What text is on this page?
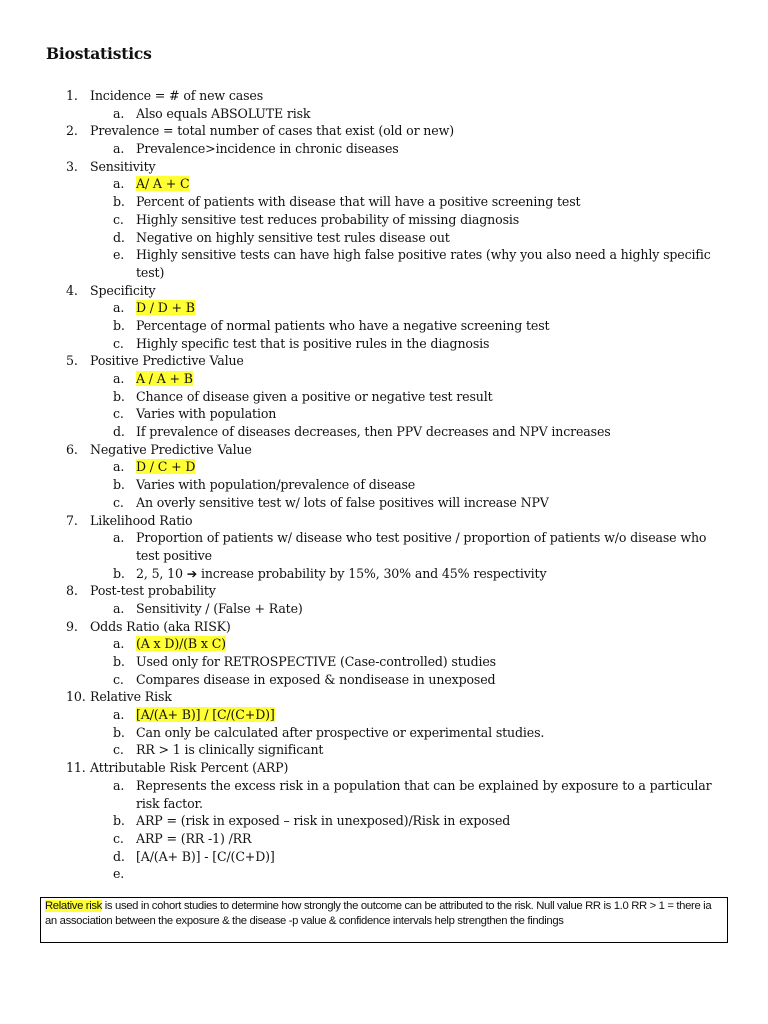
Biostatistics
1. Incidence = # of new cases
a. Also equals ABSOLUTE risk
2. Prevalence = total number of cases that exist (old or new)
a. Prevalence>incidence in chronic diseases
3. Sensitivity
a. A/ A + C
b. Percent of patients with disease that will have a positive screening test
c. Highly sensitive test reduces probability of missing diagnosis
d. Negative on highly sensitive test rules disease out
e. Highly sensitive tests can have high false positive rates (why you also need a highly specific test)
4. Specificity
a. D / D + B
b. Percentage of normal patients who have a negative screening test
c. Highly specific test that is positive rules in the diagnosis
5. Positive Predictive Value
a. A / A + B
b. Chance of disease given a positive or negative test result
c. Varies with population
d. If prevalence of diseases decreases, then PPV decreases and NPV increases
6. Negative Predictive Value
a. D / C + D
b. Varies with population/prevalence of disease
c. An overly sensitive test w/ lots of false positives will increase NPV
7. Likelihood Ratio
a. Proportion of patients w/ disease who test positive / proportion of patients w/o disease who test positive
b. 2, 5, 10 ➔ increase probability by 15%, 30% and 45% respectivity
8. Post-test probability
a. Sensitivity / (False + Rate)
9. Odds Ratio (aka RISK)
a. (A x D)/(B x C)
b. Used only for RETROSPECTIVE (Case-controlled) studies
c. Compares disease in exposed & nondisease in unexposed
10. Relative Risk
a. [A/(A+ B)] / [C/(C+D)]
b. Can only be calculated after prospective or experimental studies.
c. RR > 1 is clinically significant
11. Attributable Risk Percent (ARP)
a. Represents the excess risk in a population that can be explained by exposure to a particular risk factor.
b. ARP = (risk in exposed – risk in unexposed)/Risk in exposed
c. ARP = (RR -1) /RR
d. [A/(A+ B)] - [C/(C+D)]
e.
Relative risk is used in cohort studies to determine how strongly the outcome can be attributed to the risk. Null value RR is 1.0 RR > 1 = there ia an association between the exposure & the disease -p value & confidence intervals help strengthen the findings
